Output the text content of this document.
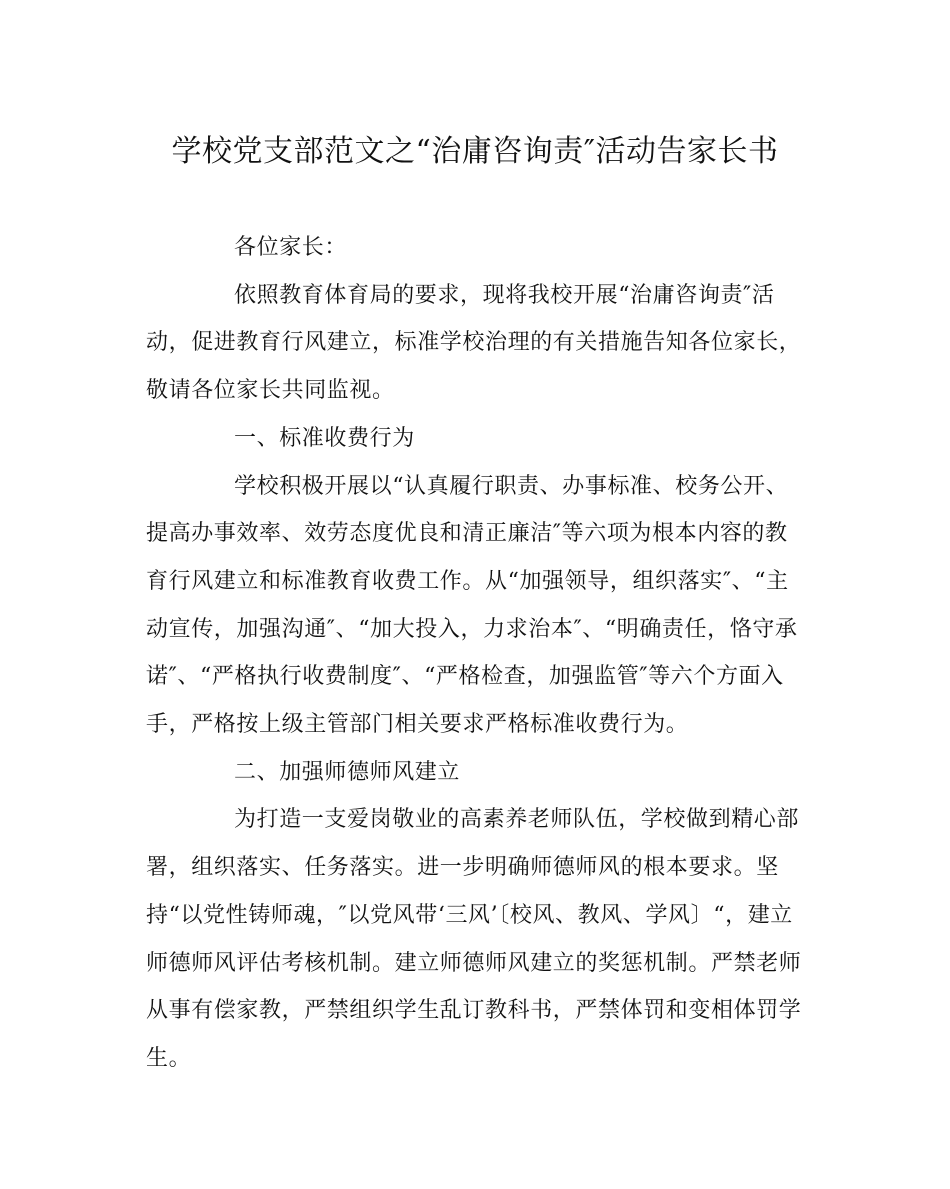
学校党支部范文之“治庸咨询责″活动告家长书

各位家长：

依照教育体育局的要求，现将我校开展“治庸咨询责″活动，促进教育行风建立，标准学校治理的有关措施告知各位家长，敬请各位家长共同监视。

一、标准收费行为

学校积极开展以“认真履行职责、办事标准、校务公开、提高办事效率、效劳态度优良和清正廉洁″等六项为根本内容的教育行风建立和标准教育收费工作。从“加强领导，组织落实″、“主动宣传，加强沟通″、“加大投入，力求治本″、“明确责任，恪守承诺″、“严格执行收费制度″、“严格检查，加强监管″等六个方面入手，严格按上级主管部门相关要求严格标准收费行为。

二、加强师德师风建立

为打造一支爱岗敬业的高素养老师队伍，学校做到精心部署，组织落实、任务落实。进一步明确师德师风的根本要求。坚持“以党性铸师魂，″以党风带‘三风’〔校风、教风、学风〕“，建立师德师风评估考核机制。建立师德师风建立的奖惩机制。严禁老师从事有偿家教，严禁组织学生乱订教科书，严禁体罚和变相体罚学生。
